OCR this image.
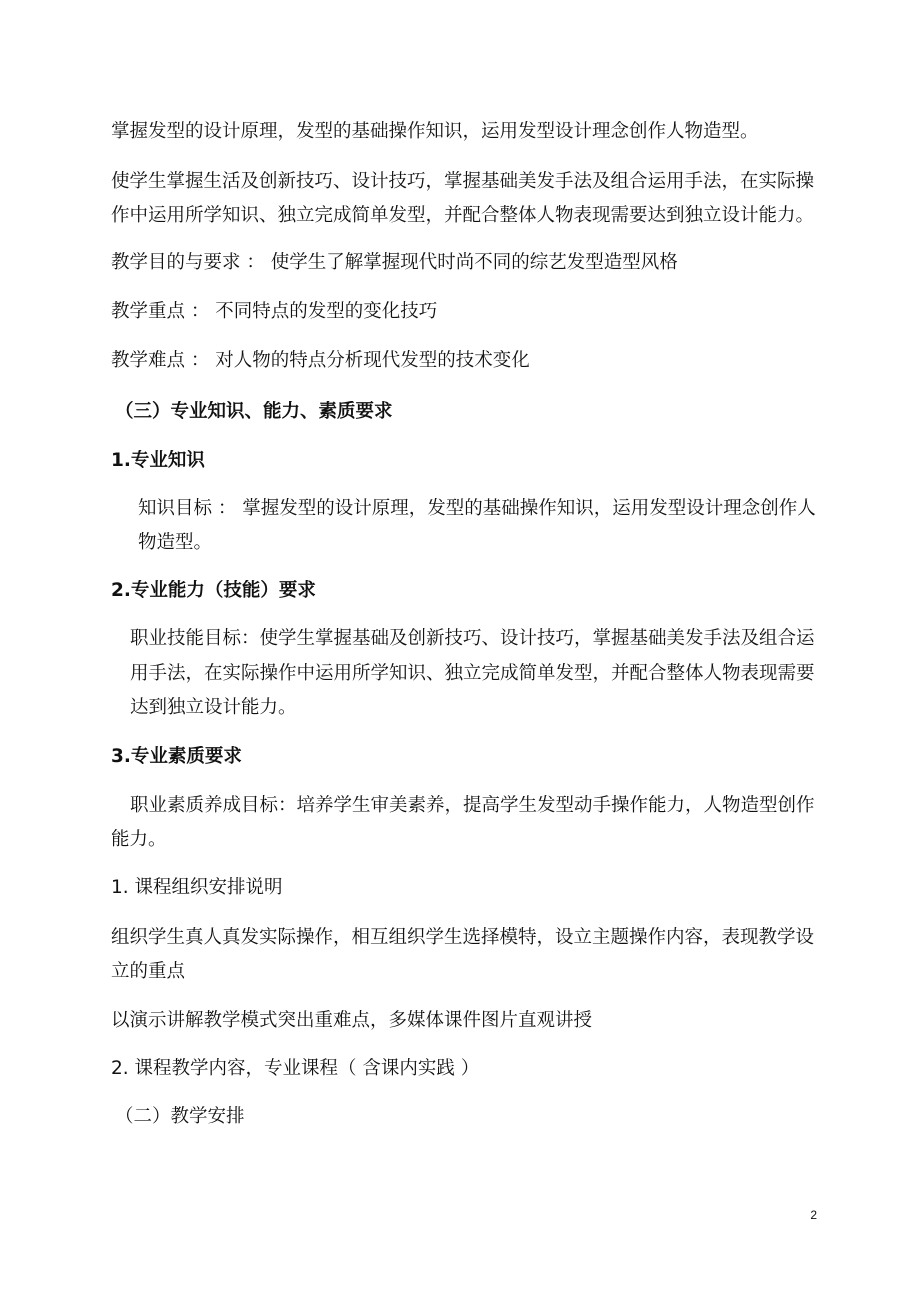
掌握发型的设计原理，发型的基础操作知识，运用发型设计理念创作人物造型。
使学生掌握生活及创新技巧、设计技巧，掌握基础美发手法及组合运用手法，在实际操
作中运用所学知识、独立完成简单发型，并配合整体人物表现需要达到独立设计能力。
教学目的与要求 ： 使学生了解掌握现代时尚不同的综艺发型造型风格
教学重点 ： 不同特点的发型的变化技巧
教学难点 ： 对人物的特点分析现代发型的技术变化
（三）专业知识、能力、素质要求
1.专业知识
知识目标 ： 掌握发型的设计原理，发型的基础操作知识，运用发型设计理念创作人
物造型。
2.专业能力（技能）要求
职业技能目标：使学生掌握基础及创新技巧、设计技巧，掌握基础美发手法及组合运
用手法，在实际操作中运用所学知识、独立完成简单发型，并配合整体人物表现需要
达到独立设计能力。
3.专业素质要求
职业素质养成目标：培养学生审美素养，提高学生发型动手操作能力，人物造型创作
能力。
1. 课程组织安排说明
组织学生真人真发实际操作，相互组织学生选择模特，设立主题操作内容，表现教学设
立的重点
以演示讲解教学模式突出重难点，多媒体课件图片直观讲授
2. 课程教学内容，专业课程（ 含课内实践 ）
（二）教学安排
2
